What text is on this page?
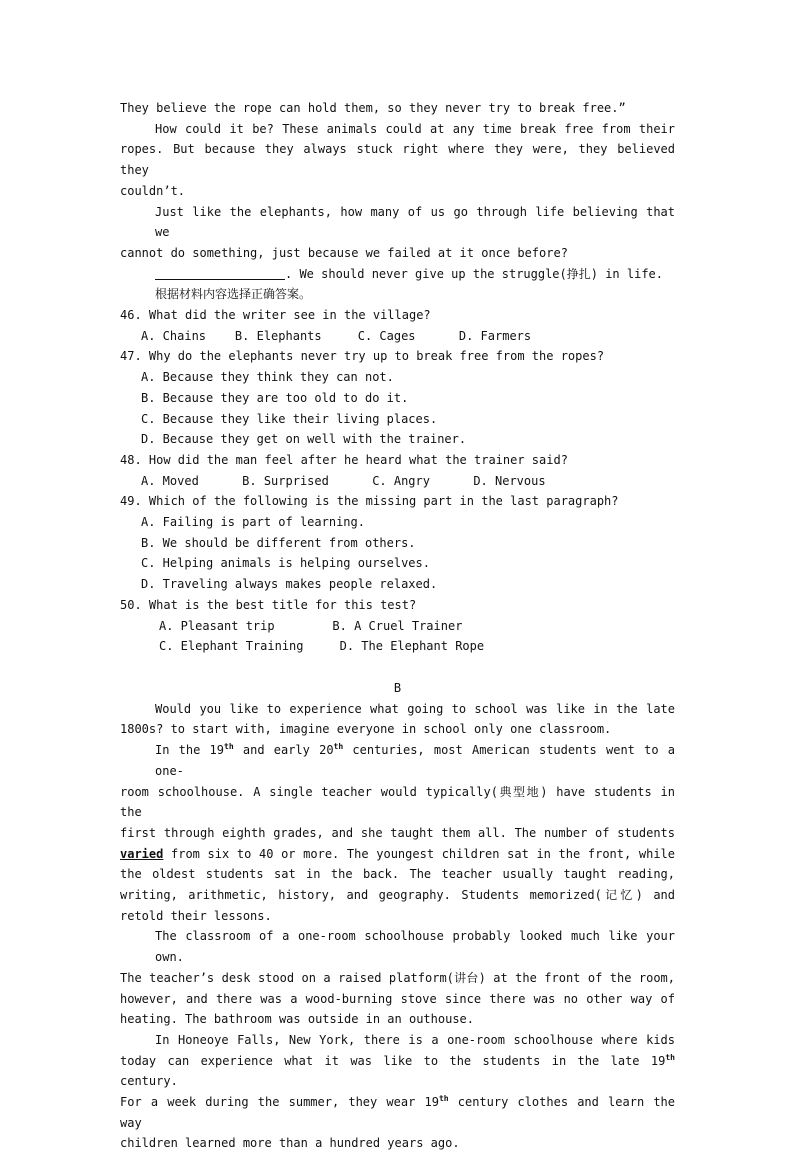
They believe the rope can hold them, so they never try to break free.”
How could it be? These animals could at any time break free from their
ropes. But because they always stuck right where they were, they believed they
couldn’t.
Just like the elephants, how many of us go through life believing that we
cannot do something, just because we failed at it once before?
. We should never give up the struggle(挣扎) in life.
根据材料内容选择正确答案。
46. What did the writer see in the village?
A. Chains    B. Elephants     C. Cages      D. Farmers
47. Why do the elephants never try up to break free from the ropes?
A. Because they think they can not.
B. Because they are too old to do it.
C. Because they like their living places.
D. Because they get on well with the trainer.
48. How did the man feel after he heard what the trainer said?
A. Moved      B. Surprised      C. Angry      D. Nervous
49. Which of the following is the missing part in the last paragraph?
A. Failing is part of learning.
B. We should be different from others.
C. Helping animals is helping ourselves.
D. Traveling always makes people relaxed.
50. What is the best title for this test?
A. Pleasant trip        B. A Cruel Trainer
C. Elephant Training     D. The Elephant Rope
B
Would you like to experience what going to school was like in the late
1800s? to start with, imagine everyone in school only one classroom.
In the 19th and early 20th centuries, most American students went to a one-
room schoolhouse. A single teacher would typically(典型地) have students in the
first through eighth grades, and she taught them all. The number of students
varied from six to 40 or more. The youngest children sat in the front, while
the oldest students sat in the back. The teacher usually taught reading,
writing, arithmetic, history, and geography. Students memorized(记忆) and
retold their lessons.
The classroom of a one-room schoolhouse probably looked much like your own.
The teacher’s desk stood on a raised platform(讲台) at the front of the room,
however, and there was a wood-burning stove since there was no other way of
heating. The bathroom was outside in an outhouse.
In Honeoye Falls, New York, there is a one-room schoolhouse where kids
today can experience what it was like to the students in the late 19th century.
For a week during the summer, they wear 19th century clothes and learn the way
children learned more than a hundred years ago.
